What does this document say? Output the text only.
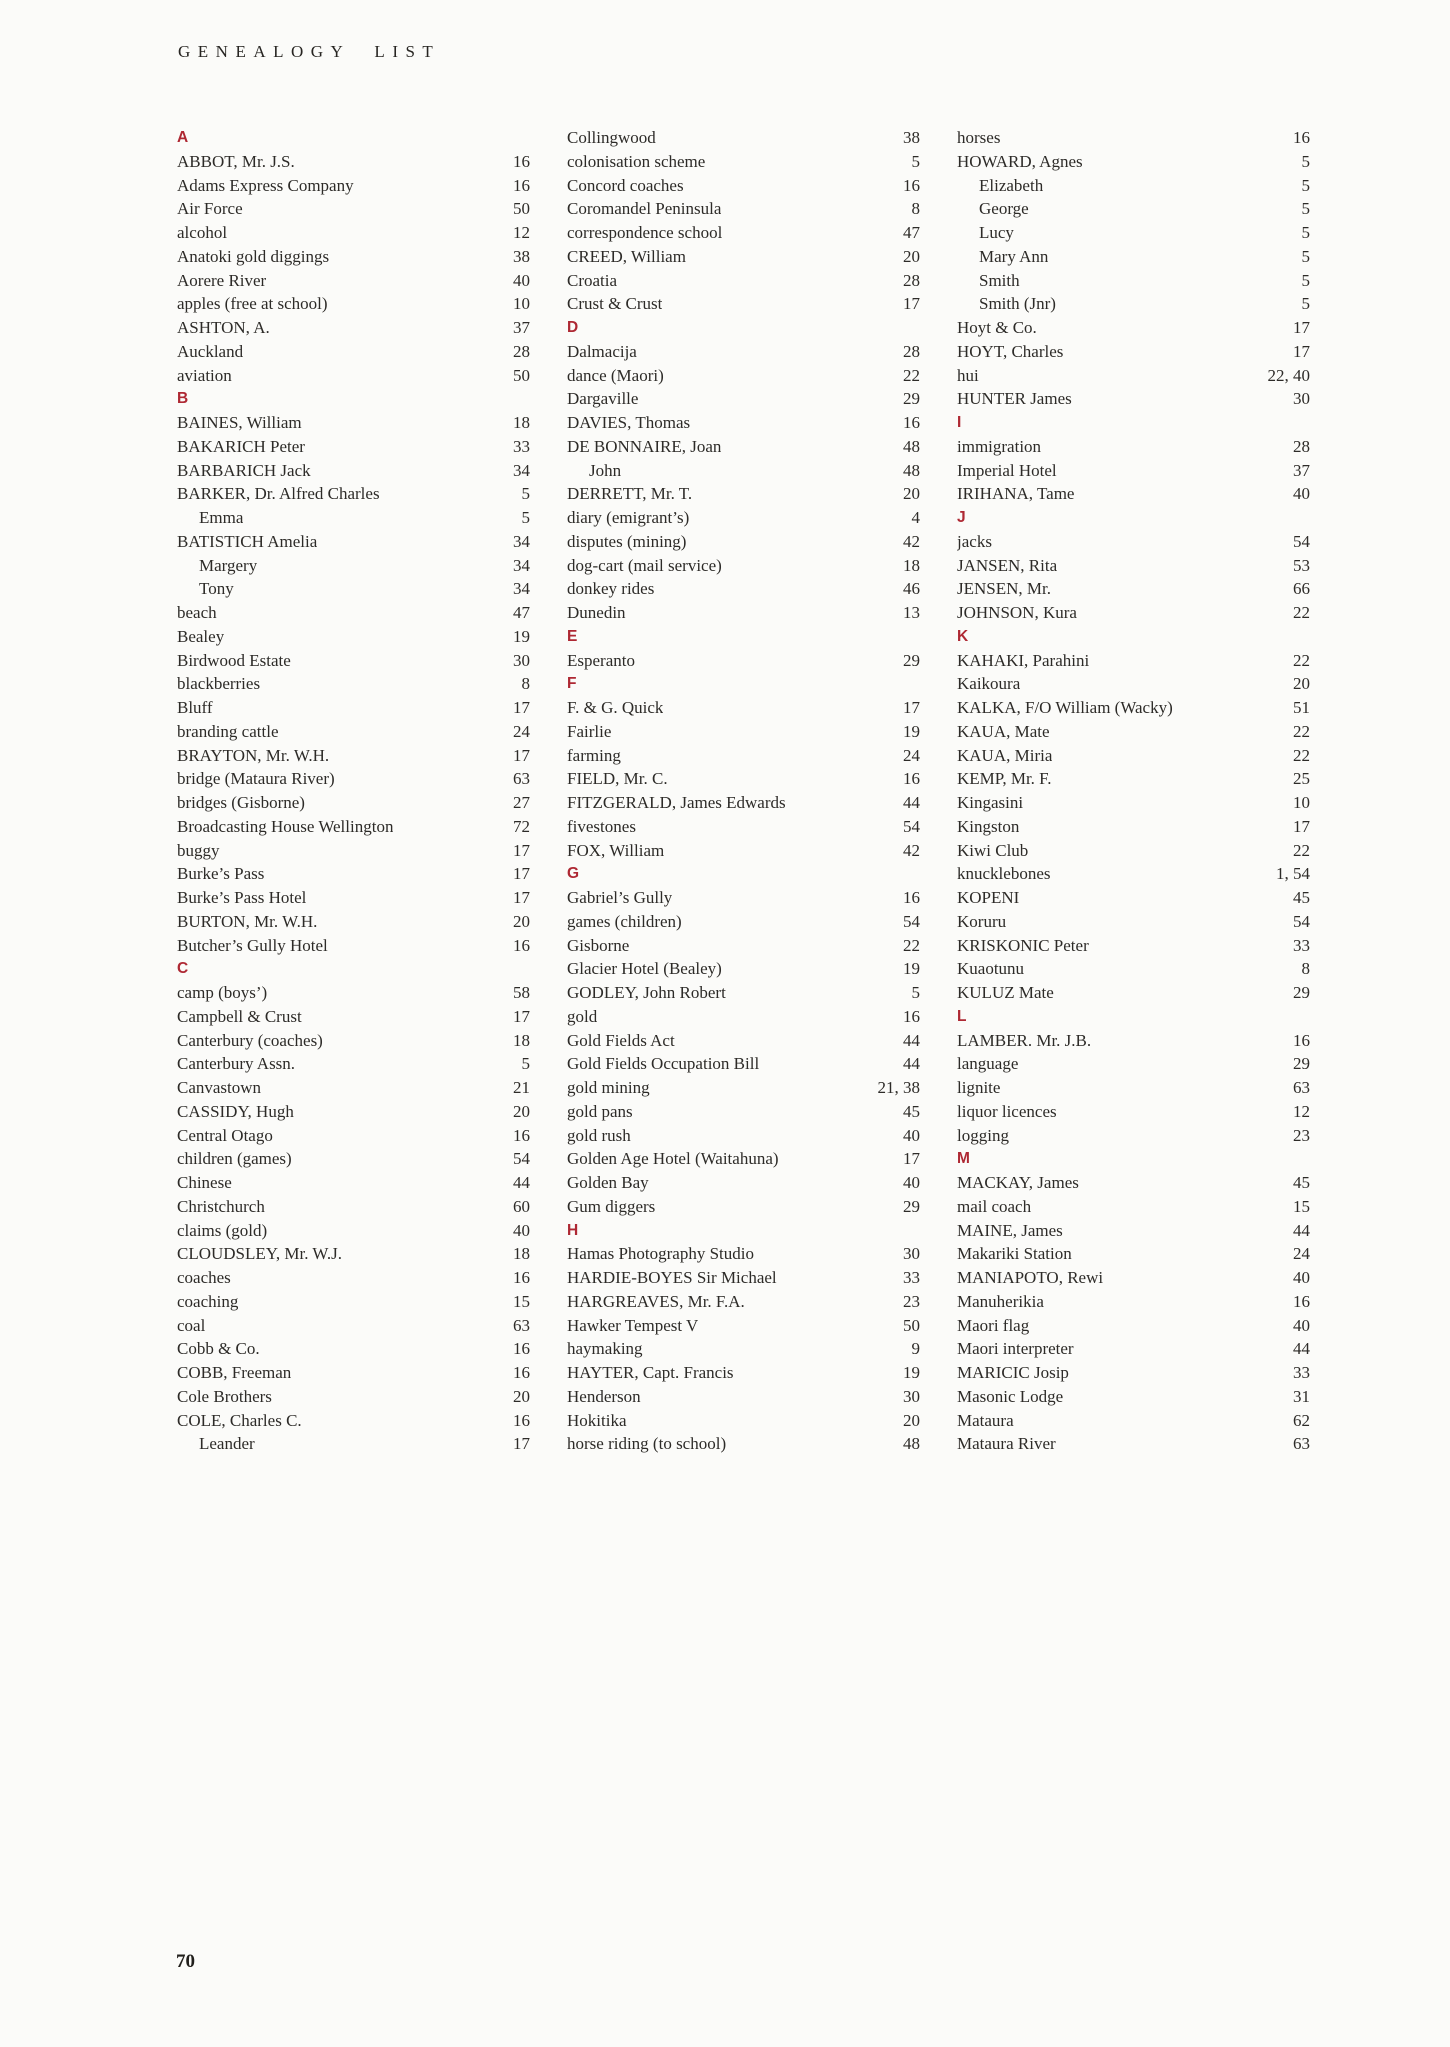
GENEALOGY LIST
A
ABBOT, Mr. J.S.	16
Adams Express Company	16
Air Force	50
alcohol	12
Anatoki gold diggings	38
Aorere River	40
apples (free at school)	10
ASHTON, A.	37
Auckland	28
aviation	50
B
BAINES, William	18
BAKARICH Peter	33
BARBARICH Jack	34
BARKER, Dr. Alfred Charles	5
Emma	5
BATISTICH Amelia	34
Margery	34
Tony	34
beach	47
Bealey	19
Birdwood Estate	30
blackberries	8
Bluff	17
branding cattle	24
BRAYTON, Mr. W.H.	17
bridge (Mataura River)	63
bridges (Gisborne)	27
Broadcasting House Wellington	72
buggy	17
Burke’s Pass	17
Burke’s Pass Hotel	17
BURTON, Mr. W.H.	20
Butcher’s Gully Hotel	16
C
camp (boys’)	58
Campbell & Crust	17
Canterbury (coaches)	18
Canterbury Assn.	5
Canvastown	21
CASSIDY, Hugh	20
Central Otago	16
children (games)	54
Chinese	44
Christchurch	60
claims (gold)	40
CLOUDSLEY, Mr. W.J.	18
coaches	16
coaching	15
coal	63
Cobb & Co.	16
COBB, Freeman	16
Cole Brothers	20
COLE, Charles C.	16
Leander	17
Collingwood	38
colonisation scheme	5
Concord coaches	16
Coromandel Peninsula	8
correspondence school	47
CREED, William	20
Croatia	28
Crust & Crust	17
D
Dalmacija	28
dance (Maori)	22
Dargaville	29
DAVIES, Thomas	16
DE BONNAIRE, Joan	48
John	48
DERRETT, Mr. T.	20
diary (emigrant’s)	4
disputes (mining)	42
dog-cart (mail service)	18
donkey rides	46
Dunedin	13
E
Esperanto	29
F
F. & G. Quick	17
Fairlie	19
farming	24
FIELD, Mr. C.	16
FITZGERALD, James Edwards	44
fivestones	54
FOX, William	42
G
Gabriel’s Gully	16
games (children)	54
Gisborne	22
Glacier Hotel (Bealey)	19
GODLEY, John Robert	5
gold	16
Gold Fields Act	44
Gold Fields Occupation Bill	44
gold mining	21, 38
gold pans	45
gold rush	40
Golden Age Hotel (Waitahuna)	17
Golden Bay	40
Gum diggers	29
H
Hamas Photography Studio	30
HARDIE-BOYES Sir Michael	33
HARGREAVES, Mr. F.A.	23
Hawker Tempest V	50
haymaking	9
HAYTER, Capt. Francis	19
Henderson	30
Hokitika	20
horse riding (to school)	48
horses	16
HOWARD, Agnes	5
Elizabeth	5
George	5
Lucy	5
Mary Ann	5
Smith	5
Smith (Jnr)	5
Hoyt & Co.	17
HOYT, Charles	17
hui	22, 40
HUNTER James	30
I
immigration	28
Imperial Hotel	37
IRIHANA, Tame	40
J
jacks	54
JANSEN, Rita	53
JENSEN, Mr.	66
JOHNSON, Kura	22
K
KAHAKI, Parahini	22
Kaikoura	20
KALKA, F/O William (Wacky)	51
KAUA, Mate	22
KAUA, Miria	22
KEMP, Mr. F.	25
Kingasini	10
Kingston	17
Kiwi Club	22
knucklebones	1, 54
KOPENI	45
Koruru	54
KRISKONIC Peter	33
Kuaotunu	8
KULUZ Mate	29
L
LAMBER. Mr. J.B.	16
language	29
lignite	63
liquor licences	12
logging	23
M
MACKAY, James	45
mail coach	15
MAINE, James	44
Makariki Station	24
MANIAPOTO, Rewi	40
Manuherikia	16
Maori flag	40
Maori interpreter	44
MARICIC Josip	33
Masonic Lodge	31
Mataura	62
Mataura River	63
70
